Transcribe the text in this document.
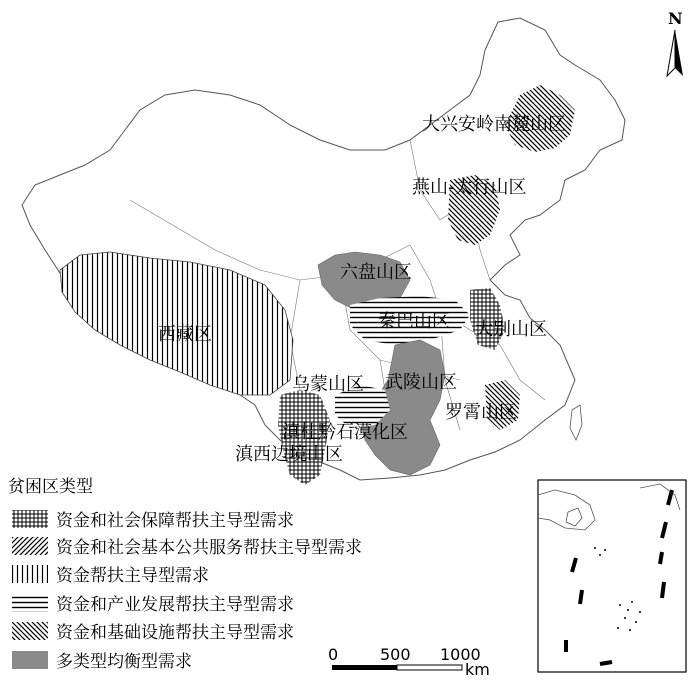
大兴安岭南麓山区
燕山-太行山区
六盘山区
秦巴山区
西藏区	大别山区
乌蒙山区 武陵山区
罗霄山区
滇桂黔石漠化区
滇西边境山区
N
贫困区类型
资金和社会保障帮扶主导型需求
资金和社会基本公共服务帮扶主导型需求
资金帮扶主导型需求
资金和产业发展帮扶主导型需求
资金和基础设施帮扶主导型需求
多类型均衡型需求	0	500 1000
km
